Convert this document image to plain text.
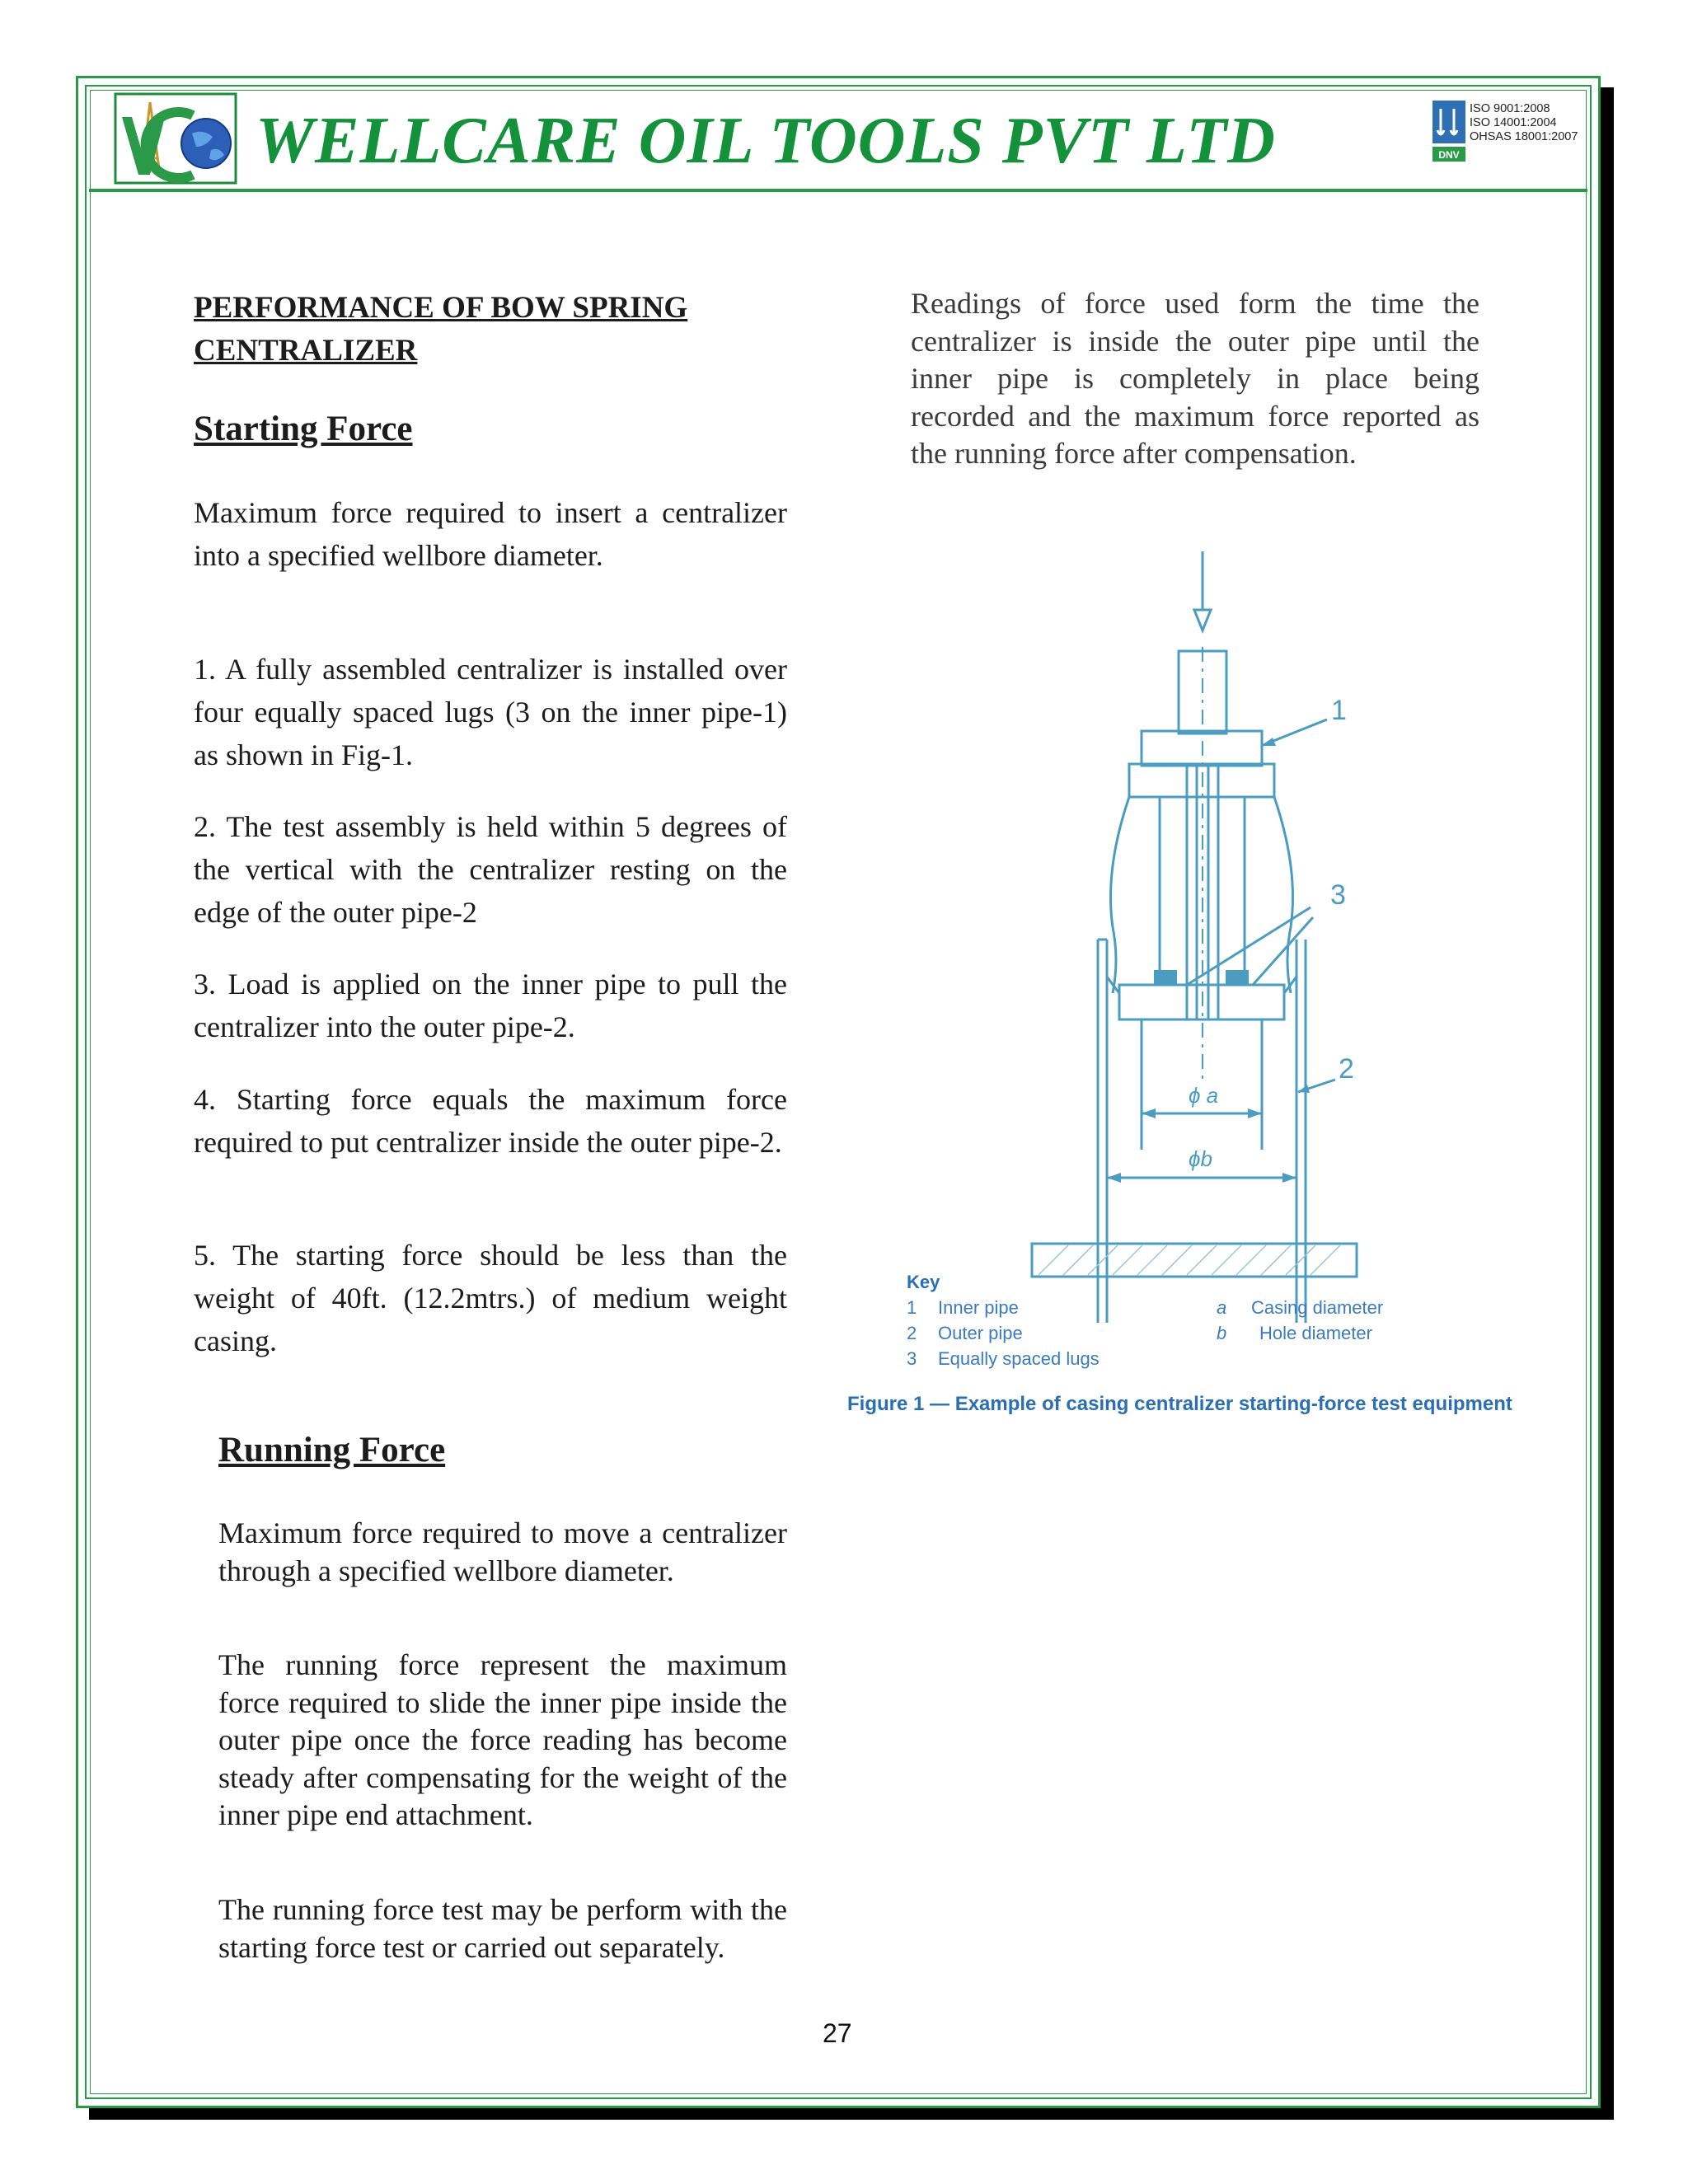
WELLCARE OIL TOOLS PVT LTD	DNV
ISO 9001:2008
ISO 14001:2004
OHSAS 18001:2007
PERFORMANCE OF BOW SPRING
CENTRALIZER
Starting Force

Maximum force required to insert a centralizer into a specified wellbore diameter.

1. A fully assembled centralizer is installed over four equally spaced lugs (3 on the inner pipe-1) as shown in Fig-1.

2. The test assembly is held within 5 degrees of the vertical with the centralizer resting on the edge of the outer pipe-2

3. Load is applied on the inner pipe to pull the centralizer into the outer pipe-2.

4. Starting force equals the maximum force required to put centralizer inside the outer pipe-2.

5. The starting force should be less than the weight of 40ft. (12.2mtrs.) of medium weight casing.

Running Force

Maximum force required to move a centralizer through a specified wellbore diameter.

The running force represent the maximum force required to slide the inner pipe inside the outer pipe once the force reading has become steady after compensating for the weight of the inner pipe end attachment.

The running force test may be perform with the starting force test or carried out separately.

Readings of force used form the time the centralizer is inside the outer pipe until the inner pipe is completely in place being recorded and the maximum force reported as the running force after compensation.

1
3
2
ϕ a
ϕb
Key
1 Inner pipe
2 Outer pipe
3 Equally spaced lugs
a Casing diameter
b Hole diameter
Figure 1 — Example of casing centralizer starting-force test equipment
27
